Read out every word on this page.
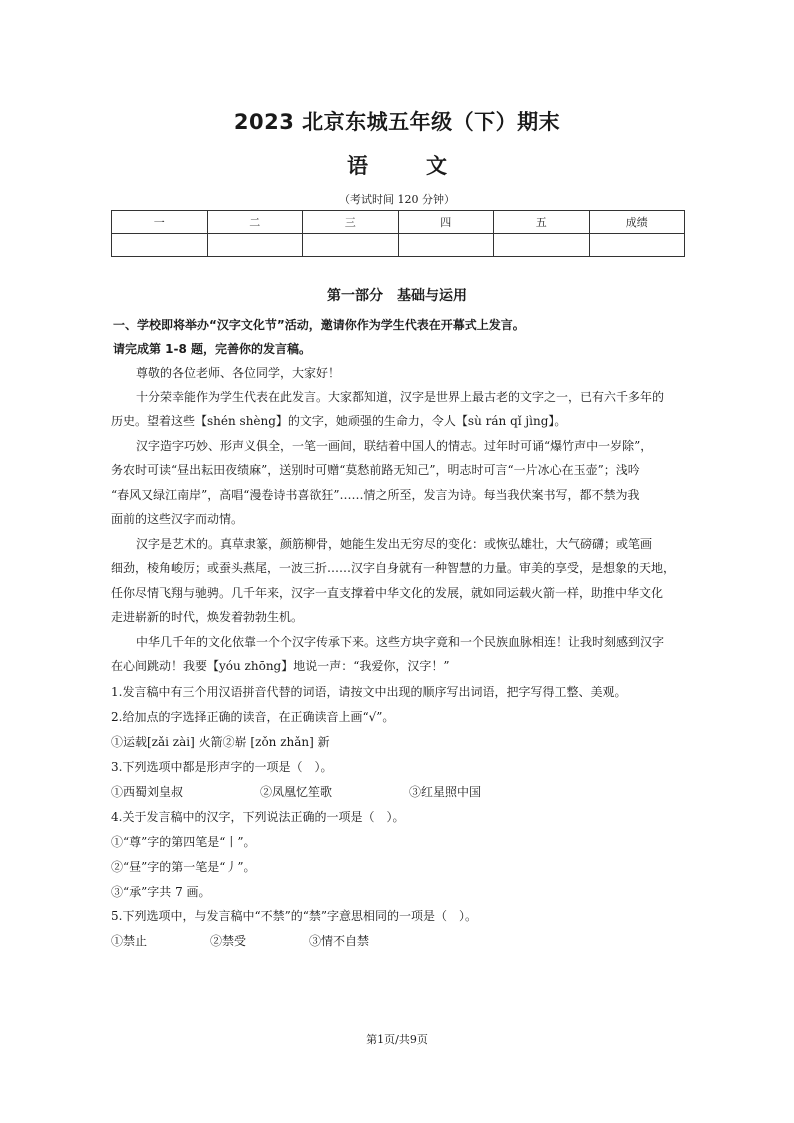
2023 北京东城五年级（下）期末
语	文
（考试时间 120 分钟）
一	二	三	四	五	成绩

第一部分　基础与运用
一、学校即将举办“汉字文化节”活动，邀请你作为学生代表在开幕式上发言。
请完成第 1-8 题，完善你的发言稿。
尊敬的各位老师、各位同学，大家好！
十分荣幸能作为学生代表在此发言。大家都知道，汉字是世界上最古老的文字之一，已有六千多年的
历史。望着这些【shén shèng】的文字，她顽强的生命力，令人【sù rán qǐ jìng】。
汉字造字巧妙、形声义俱全，一笔一画间，联结着中国人的情志。过年时可诵“爆竹声中一岁除”，
务农时可读“昼出耘田夜绩麻”，送别时可赠“莫愁前路无知己”，明志时可言“一片冰心在玉壶”；浅吟
“春风又绿江南岸”，高唱“漫卷诗书喜欲狂”……情之所至，发言为诗。每当我伏案书写，都不禁为我
面前的这些汉字而动情。
汉字是艺术的。真草隶篆，颜筋柳骨，她能生发出无穷尽的变化：或恢弘雄壮，大气磅礴；或笔画
细劲，棱角峻厉；或蚕头燕尾，一波三折……汉字自身就有一种智慧的力量。审美的享受，是想象的天地，
任你尽情飞翔与驰骋。几千年来，汉字一直支撑着中华文化的发展，就如同运载火箭一样，助推中华文化
走进崭新的时代，焕发着勃勃生机。
中华几千年的文化依靠一个个汉字传承下来。这些方块字竟和一个民族血脉相连！让我时刻感到汉字
在心间跳动！我要【yóu zhōng】地说一声：“我爱你，汉字！”
1.发言稿中有三个用汉语拼音代替的词语，请按文中出现的顺序写出词语，把字写得工整、美观。
2.给加点的字选择正确的读音，在正确读音上画“√”。
①运载[zǎi zài] 火箭②崭 [zǒn zhǎn] 新
3.下列选项中都是形声字的一项是（　）。
①西蜀刘皇叔	②凤凰忆笙歌	③红星照中国
4.关于发言稿中的汉字，下列说法正确的一项是（　）。
①“尊”字的第四笔是“丨”。
②“昼”字的第一笔是“丿”。
③“承”字共 7 画。
5.下列选项中，与发言稿中“不禁”的“禁”字意思相同的一项是（　）。
①禁止	②禁受	③情不自禁
第1页/共9页
